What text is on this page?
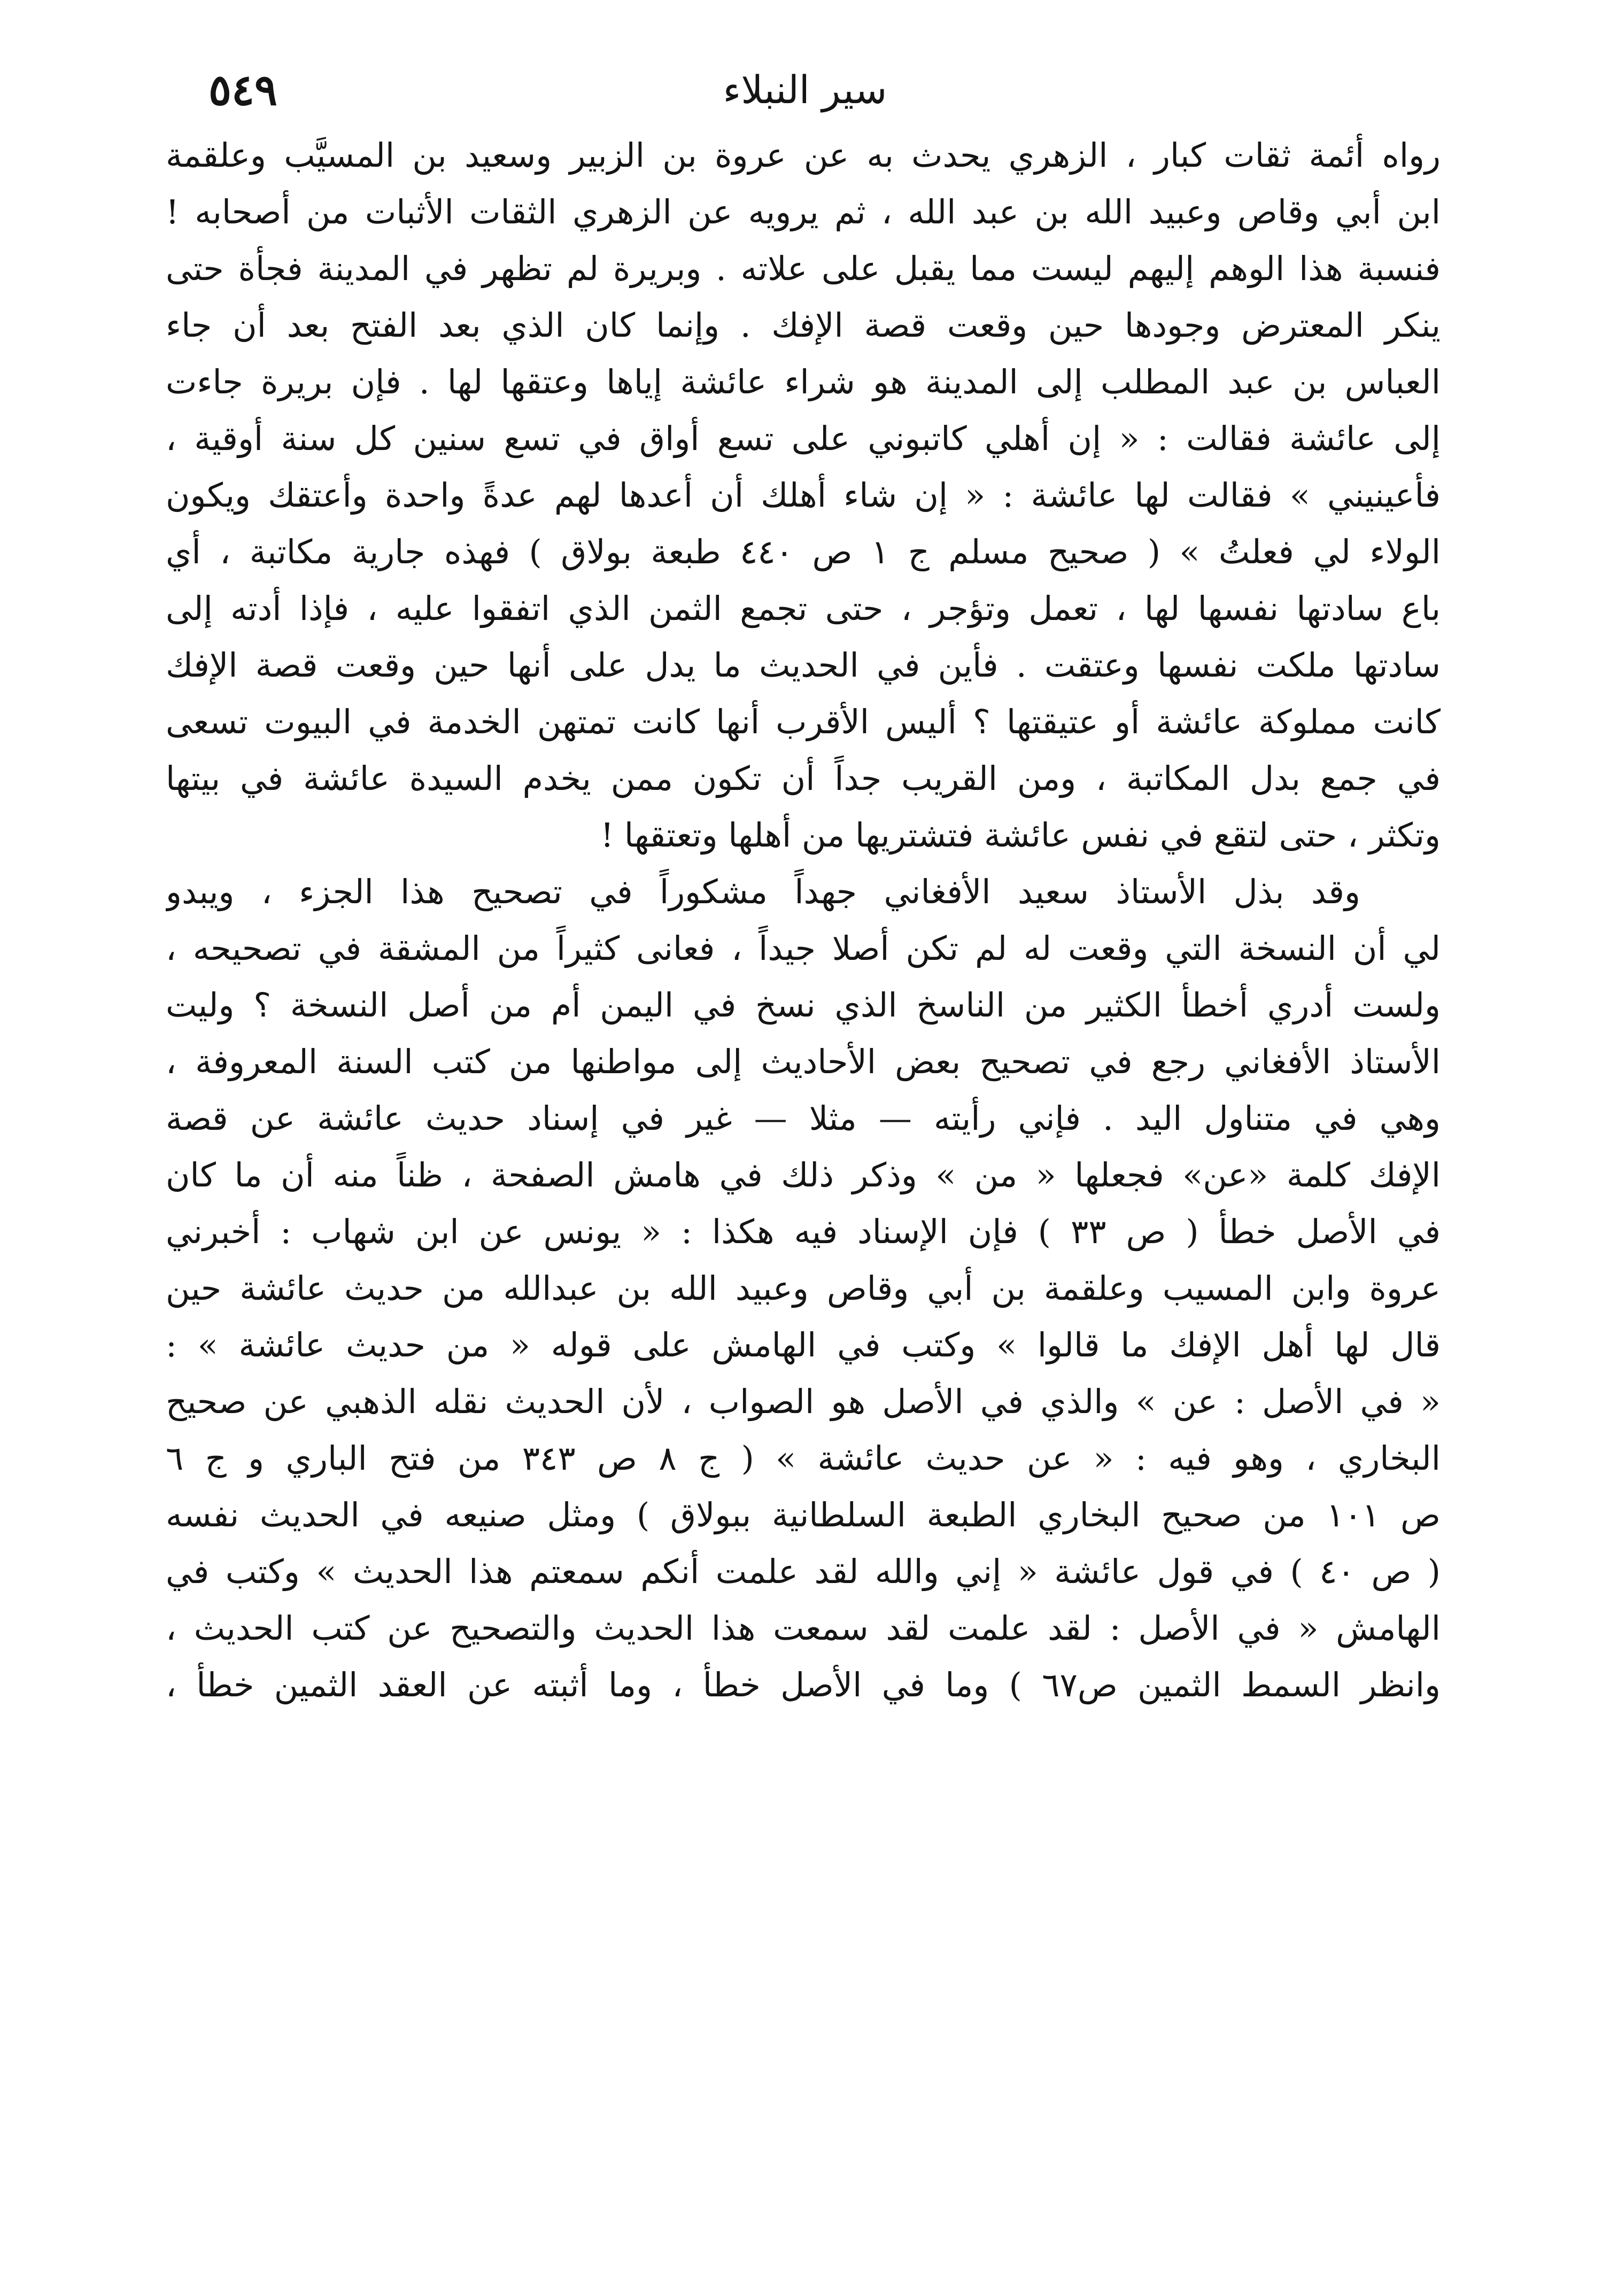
سير النبلاء
٥٤٩
رواه أئمة ثقات كبار ، الزهري يحدث به عن عروة بن الزبير وسعيد بن المسيَّب وعلقمة
ابن أبي وقاص وعبيد الله بن عبد الله ، ثم يرويه عن الزهري الثقات الأثبات من أصحابه !
فنسبة هذا الوهم إليهم ليست مما يقبل على علاته . وبريرة لم تظهر في المدينة فجأة حتى
ينكر المعترض وجودها حين وقعت قصة الإفك . وإنما كان الذي بعد الفتح بعد أن جاء
العباس بن عبد المطلب إلى المدينة هو شراء عائشة إياها وعتقها لها . فإن بريرة جاءت
إلى عائشة فقالت : « إن أهلي كاتبوني على تسع أواق في تسع سنين كل سنة أوقية ،
فأعينيني » فقالت لها عائشة : « إن شاء أهلك أن أعدها لهم عدةً واحدة وأعتقك ويكون
الولاء لي فعلتُ » ( صحيح مسلم ج ١ ص ٤٤٠ طبعة بولاق ) فهذه جارية مكاتبة ، أي
باع سادتها نفسها لها ، تعمل وتؤجر ، حتى تجمع الثمن الذي اتفقوا عليه ، فإذا أدته إلى
سادتها ملكت نفسها وعتقت . فأين في الحديث ما يدل على أنها حين وقعت قصة الإفك
كانت مملوكة عائشة أو عتيقتها ؟ أليس الأقرب أنها كانت تمتهن الخدمة في البيوت تسعى
في جمع بدل المكاتبة ، ومن القريب جداً أن تكون ممن يخدم السيدة عائشة في بيتها
وتكثر ، حتى لتقع في نفس عائشة فتشتريها من أهلها وتعتقها !
وقد بذل الأستاذ سعيد الأفغاني جهداً مشكوراً في تصحيح هذا الجزء ، ويبدو
لي أن النسخة التي وقعت له لم تكن أصلا جيداً ، فعانى كثيراً من المشقة في تصحيحه ،
ولست أدري أخطأ الكثير من الناسخ الذي نسخ في اليمن أم من أصل النسخة ؟ وليت
الأستاذ الأفغاني رجع في تصحيح بعض الأحاديث إلى مواطنها من كتب السنة المعروفة ،
وهي في متناول اليد . فإني رأيته — مثلا — غير في إسناد حديث عائشة عن قصة
الإفك كلمة «عن» فجعلها « من » وذكر ذلك في هامش الصفحة ، ظناً منه أن ما كان
في الأصل خطأ ( ص ٣٣ ) فإن الإسناد فيه هكذا : « يونس عن ابن شهاب : أخبرني
عروة وابن المسيب وعلقمة بن أبي وقاص وعبيد الله بن عبدالله من حديث عائشة حين
قال لها أهل الإفك ما قالوا » وكتب في الهامش على قوله « من حديث عائشة » :
« في الأصل : عن » والذي في الأصل هو الصواب ، لأن الحديث نقله الذهبي عن صحيح
البخاري ، وهو فيه : « عن حديث عائشة » ( ج ٨ ص ٣٤٣ من فتح الباري و ج ٦
ص ١٠١ من صحيح البخاري الطبعة السلطانية ببولاق ) ومثل صنيعه في الحديث نفسه
( ص ٤٠ ) في قول عائشة « إني والله لقد علمت أنكم سمعتم هذا الحديث » وكتب في
الهامش « في الأصل : لقد علمت لقد سمعت هذا الحديث والتصحيح عن كتب الحديث ،
وانظر السمط الثمين ص٦٧ ) وما في الأصل خطأ ، وما أثبته عن العقد الثمين خطأ ،
